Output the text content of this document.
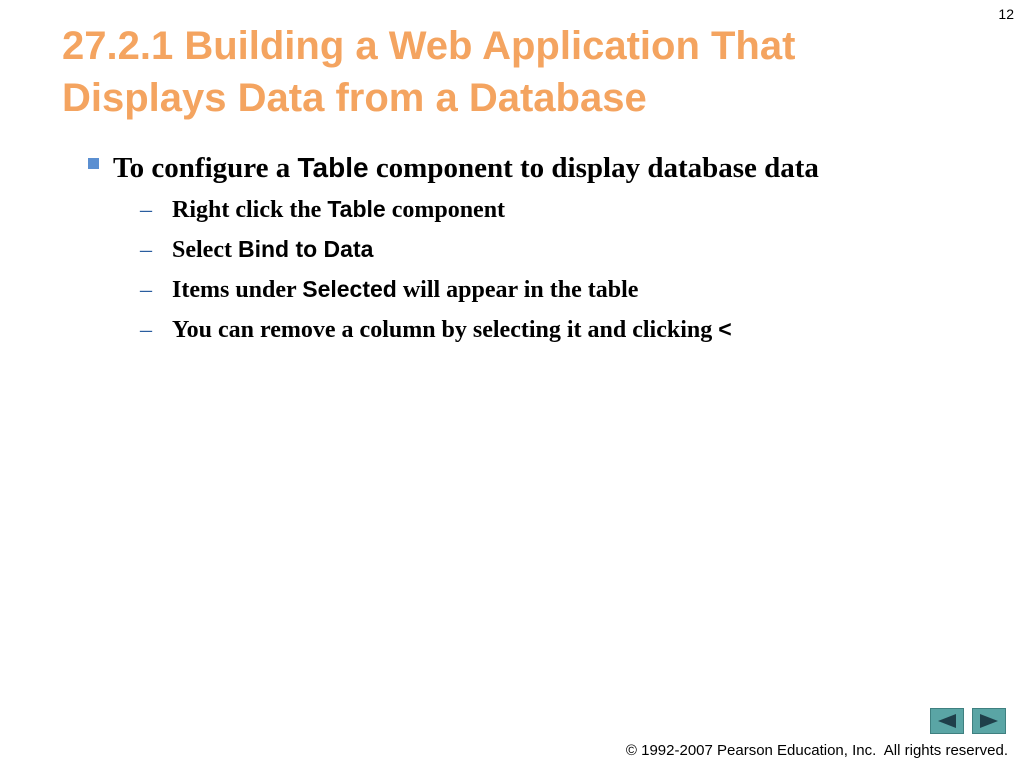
12
27.2.1 Building a Web Application That
Displays Data from a Database
To configure a Table component to display database data
– Right click the Table component
– Select Bind to Data
– Items under Selected will appear in the table
– You can remove a column by selecting it and clicking <
© 1992-2007 Pearson Education, Inc.  All rights reserved.
